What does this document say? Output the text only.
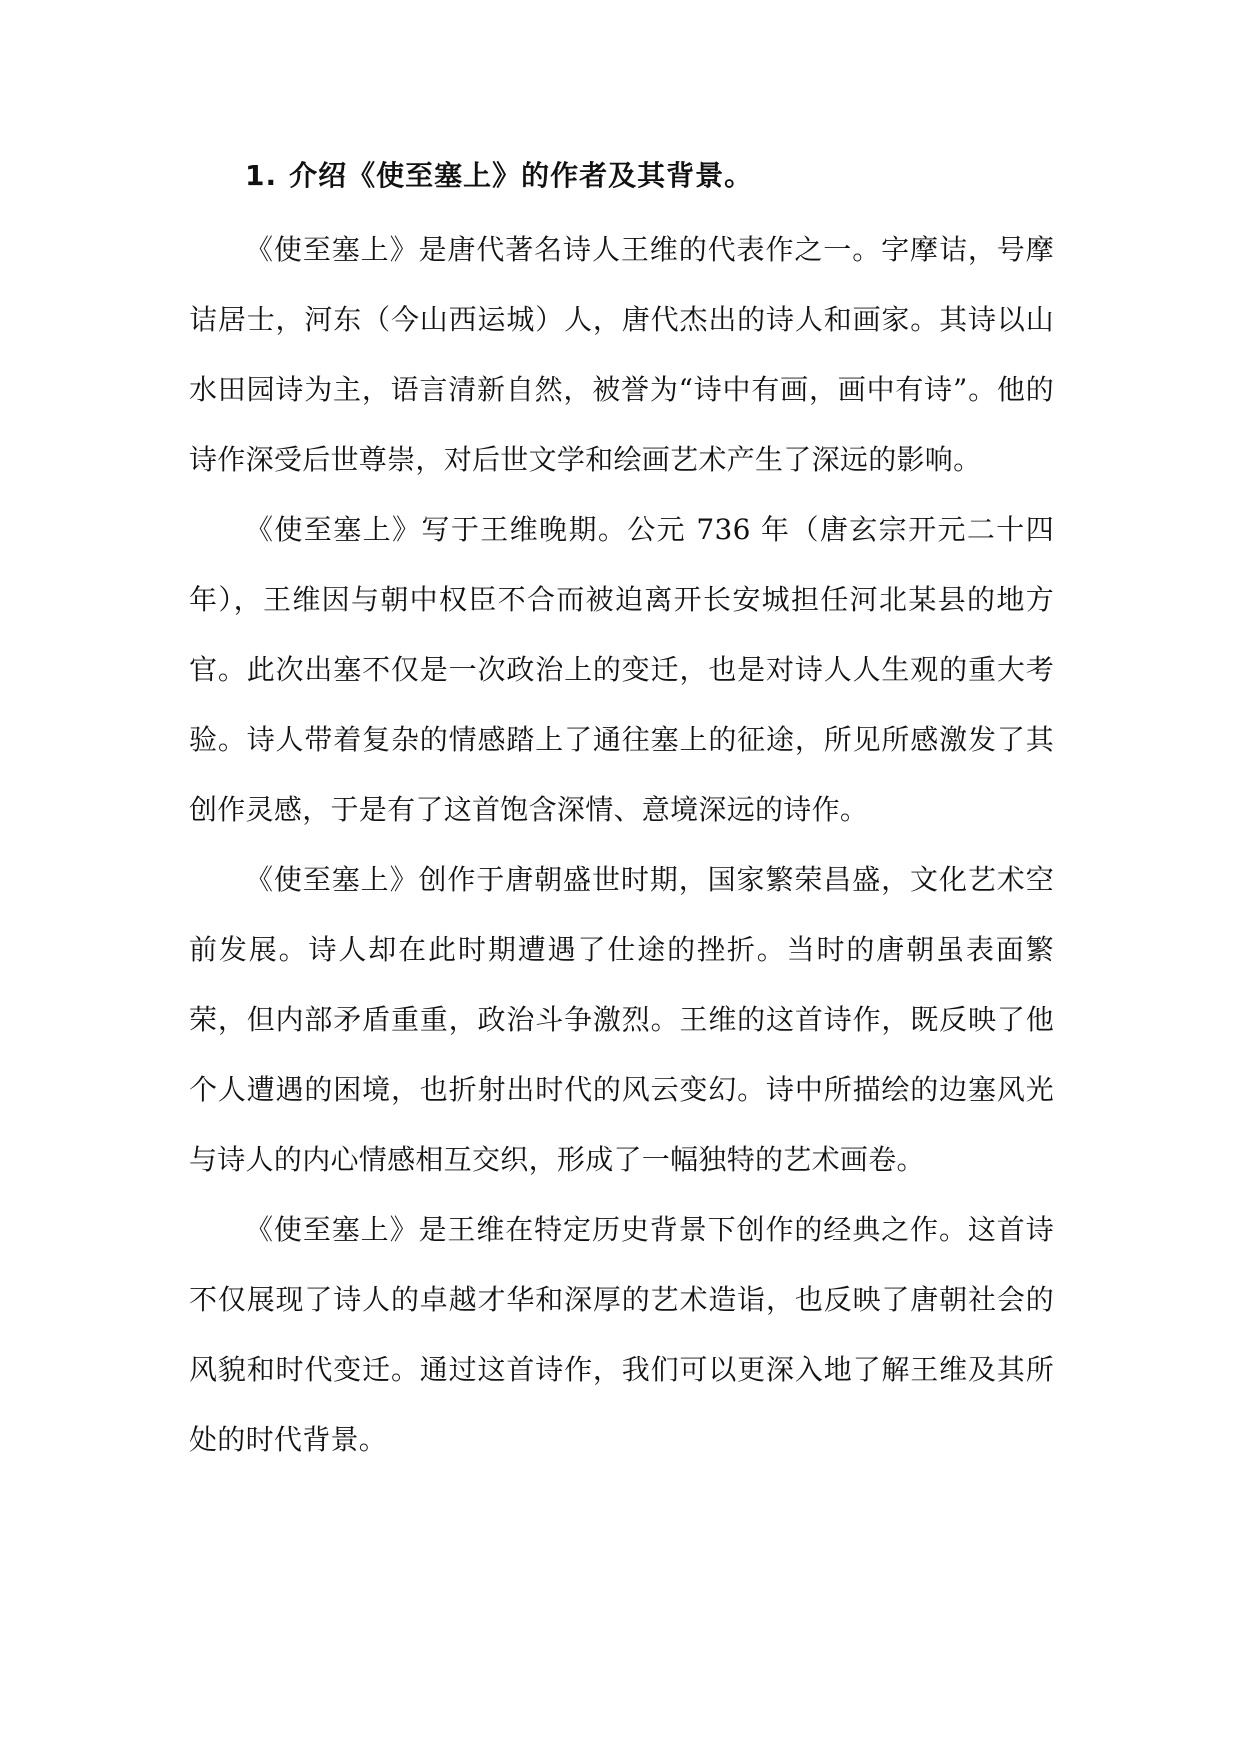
1. 介绍《使至塞上》的作者及其背景。

《使至塞上》是唐代著名诗人王维的代表作之一。字摩诘，号摩诘居士，河东（今山西运城）人，唐代杰出的诗人和画家。其诗以山水田园诗为主，语言清新自然，被誉为“诗中有画，画中有诗”。他的诗作深受后世尊崇，对后世文学和绘画艺术产生了深远的影响。

《使至塞上》写于王维晚期。公元 736 年（唐玄宗开元二十四年），王维因与朝中权臣不合而被迫离开长安城担任河北某县的地方官。此次出塞不仅是一次政治上的变迁，也是对诗人人生观的重大考验。诗人带着复杂的情感踏上了通往塞上的征途，所见所感激发了其创作灵感，于是有了这首饱含深情、意境深远的诗作。

《使至塞上》创作于唐朝盛世时期，国家繁荣昌盛，文化艺术空前发展。诗人却在此时期遭遇了仕途的挫折。当时的唐朝虽表面繁荣，但内部矛盾重重，政治斗争激烈。王维的这首诗作，既反映了他个人遭遇的困境，也折射出时代的风云变幻。诗中所描绘的边塞风光与诗人的内心情感相互交织，形成了一幅独特的艺术画卷。

《使至塞上》是王维在特定历史背景下创作的经典之作。这首诗不仅展现了诗人的卓越才华和深厚的艺术造诣，也反映了唐朝社会的风貌和时代变迁。通过这首诗作，我们可以更深入地了解王维及其所处的时代背景。
